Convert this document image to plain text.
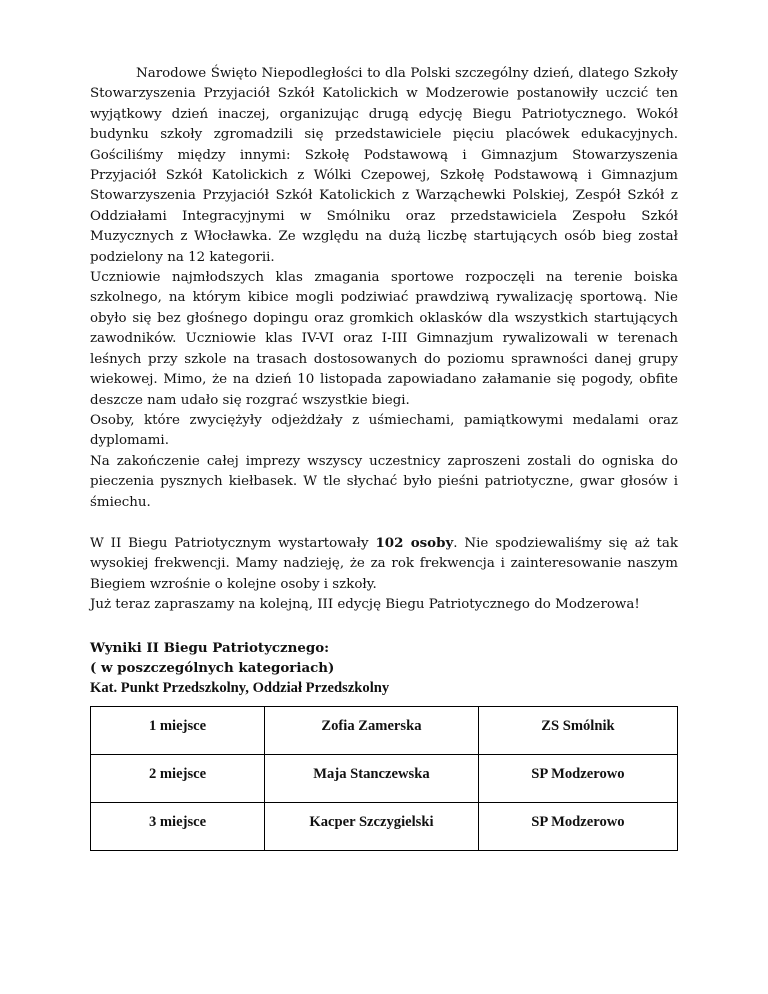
Narodowe Święto Niepodległości to dla Polski szczególny dzień, dlatego Szkoły Stowarzyszenia Przyjaciół Szkół Katolickich w Modzerowie postanowiły uczcić ten wyjątkowy dzień inaczej, organizując drugą edycję Biegu Patriotycznego. Wokół budynku szkoły zgromadzili się przedstawiciele pięciu placówek edukacyjnych. Gościliśmy między innymi: Szkołę Podstawową i Gimnazjum Stowarzyszenia Przyjaciół Szkół Katolickich z Wólki Czepowej, Szkołę Podstawową i Gimnazjum Stowarzyszenia Przyjaciół Szkół Katolickich z Warząchewki Polskiej, Zespół Szkół z Oddziałami Integracyjnymi w Smólniku oraz przedstawiciela Zespołu Szkół Muzycznych z Włocławka. Ze względu na dużą liczbę startujących osób bieg został podzielony na 12 kategorii.

Uczniowie najmłodszych klas zmagania sportowe rozpoczęli na terenie boiska szkolnego, na którym kibice mogli podziwiać prawdziwą rywalizację sportową. Nie obyło się bez głośnego dopingu oraz gromkich oklasków dla wszystkich startujących zawodników. Uczniowie klas IV-VI oraz I-III Gimnazjum rywalizowali w terenach leśnych przy szkole na trasach dostosowanych do poziomu sprawności danej grupy wiekowej. Mimo, że na dzień 10 listopada zapowiadano załamanie się pogody, obfite deszcze nam udało się rozgrać wszystkie biegi.

Osoby, które zwyciężyły odjeżdżały z uśmiechami, pamiątkowymi medalami oraz dyplomami.

Na zakończenie całej imprezy wszyscy uczestnicy zaproszeni zostali do ogniska do pieczenia pysznych kiełbasek. W tle słychać było pieśni patriotyczne, gwar głosów i śmiechu.

W II Biegu Patriotycznym wystartowały 102 osoby. Nie spodziewaliśmy się aż tak wysokiej frekwencji. Mamy nadzieję, że za rok frekwencja i zainteresowanie naszym Biegiem wzrośnie o kolejne osoby i szkoły.

Już teraz zapraszamy na kolejną, III edycję Biegu Patriotycznego do Modzerowa!

Wyniki II Biegu Patriotycznego:

( w poszczególnych kategoriach)

Kat. Punkt Przedszkolny, Oddział Przedszkolny

1 miejsce	Zofia Zamerska	ZS Smólnik
2 miejsce	Maja Stanczewska	SP Modzerowo
3 miejsce	Kacper Szczygielski	SP Modzerowo
